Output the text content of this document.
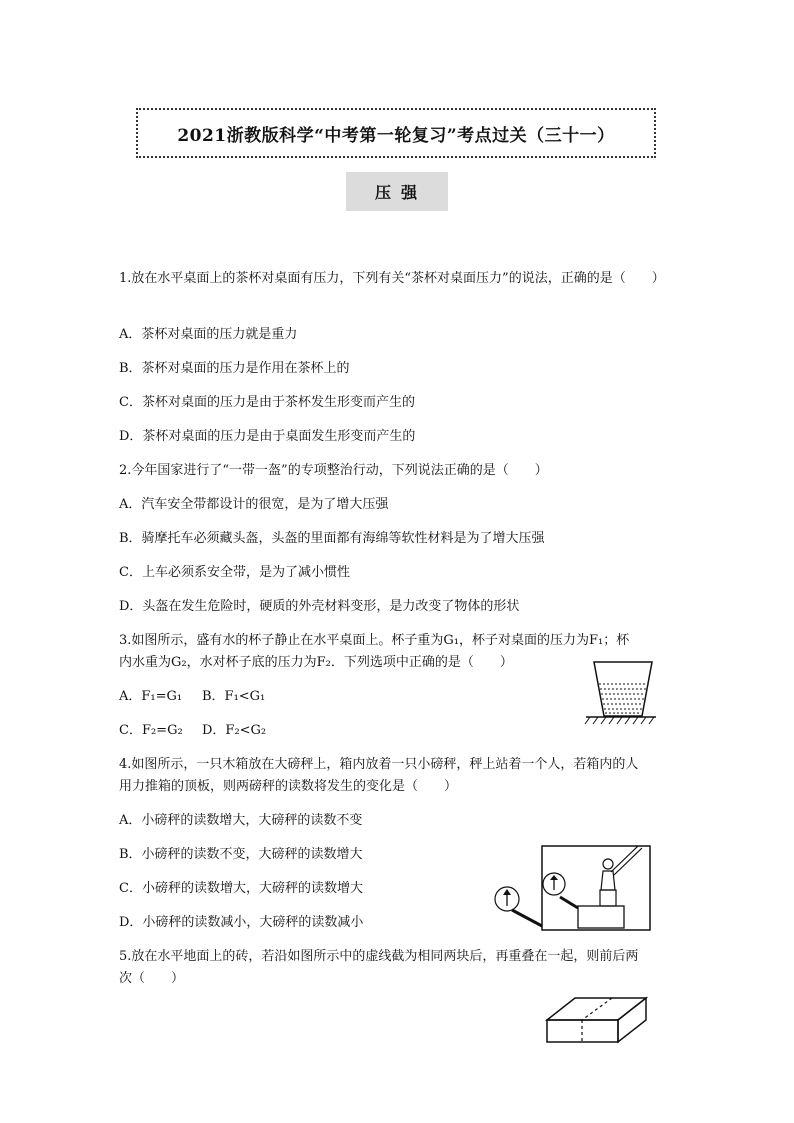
2021浙教版科学“中考第一轮复习”考点过关（三十一）
压强
1.放在水平桌面上的茶杯对桌面有压力，下列有关“茶杯对桌面压力”的说法，正确的是（　　）
A．茶杯对桌面的压力就是重力
B．茶杯对桌面的压力是作用在茶杯上的
C．茶杯对桌面的压力是由于茶杯发生形变而产生的
D．茶杯对桌面的压力是由于桌面发生形变而产生的
2.今年国家进行了“一带一盔”的专项整治行动，下列说法正确的是（　　）
A．汽车安全带都设计的很宽，是为了增大压强
B．骑摩托车必须藏头盔，头盔的里面都有海绵等软性材料是为了增大压强
C．上车必须系安全带，是为了减小惯性
D．头盔在发生危险时，硬质的外壳材料变形，是力改变了物体的形状
3.如图所示，盛有水的杯子静止在水平桌面上。杯子重为G₁，杯子对桌面的压力为F₁；杯
内水重为G₂，水对杯子底的压力为F₂．下列选项中正确的是（　　）
A．F₁=G₁ B．F₁<G₁
C．F₂=G₂ D．F₂<G₂
4.如图所示，一只木箱放在大磅秤上，箱内放着一只小磅秤，秤上站着一个人，若箱内的人
用力推箱的顶板，则两磅秤的读数将发生的变化是（　　）
A．小磅秤的读数增大，大磅秤的读数不变
B．小磅秤的读数不变，大磅秤的读数增大
C．小磅秤的读数增大，大磅秤的读数增大
D．小磅秤的读数减小，大磅秤的读数减小
5.放在水平地面上的砖，若沿如图所示中的虚线截为相同两块后，再重叠在一起，则前后两
次（　　）
